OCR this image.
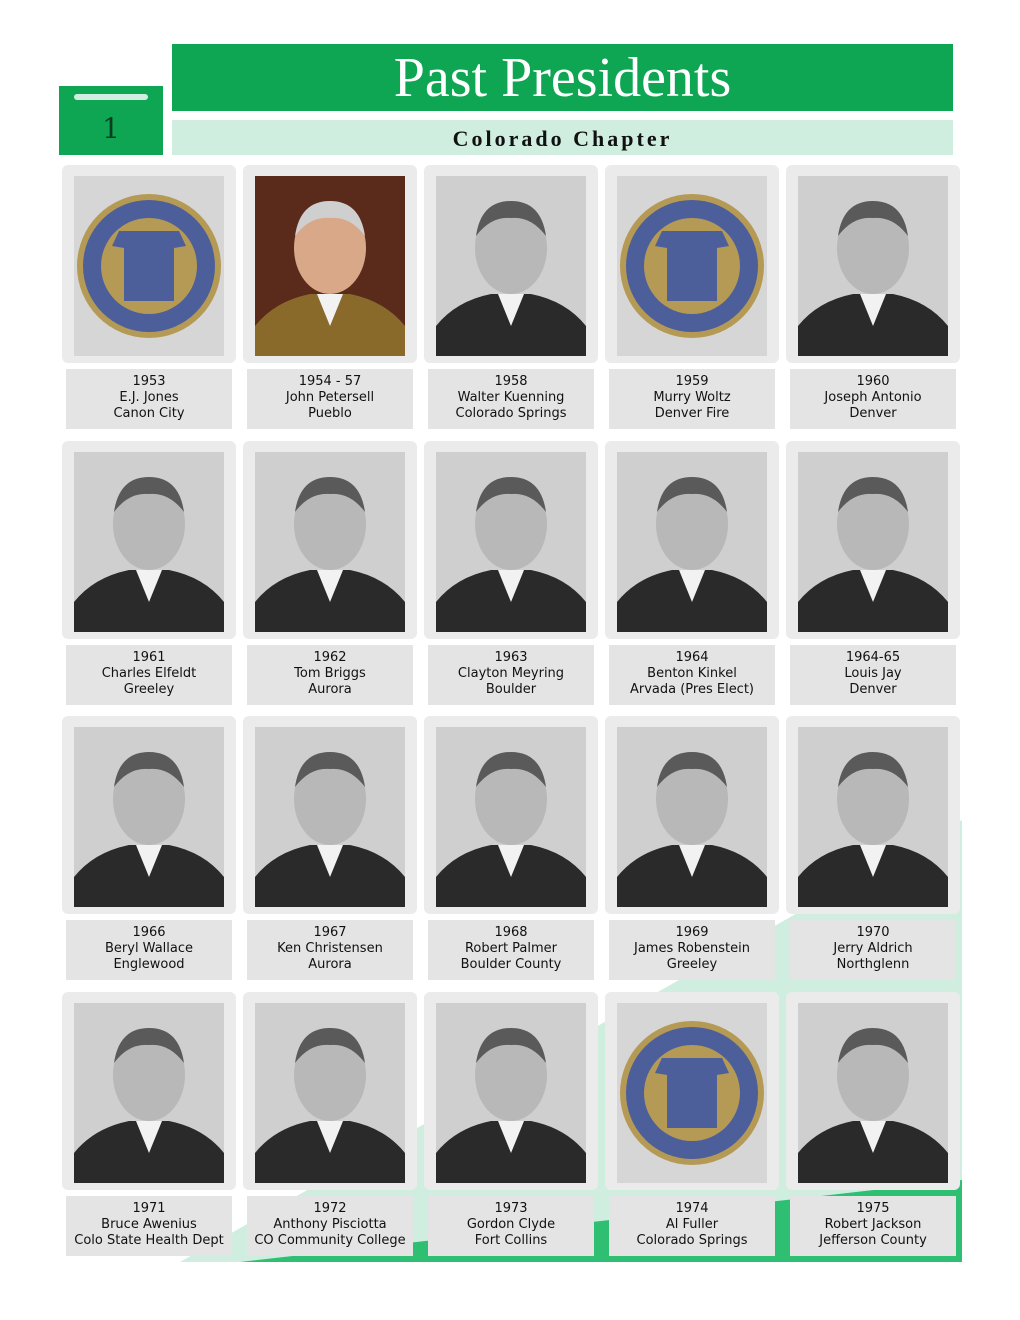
1
Past Presidents
Colorado Chapter
1953
E.J. Jones
Canon City
1954 - 57
John Petersell
Pueblo
1958
Walter Kuenning
Colorado Springs
1959
Murry Woltz
Denver Fire
1960
Joseph Antonio
Denver
1961
Charles Elfeldt
Greeley
1962
Tom Briggs
Aurora
1963
Clayton Meyring
Boulder
1964
Benton Kinkel
Arvada (Pres Elect)
1964-65
Louis Jay
Denver
1966
Beryl Wallace
Englewood
1967
Ken Christensen
Aurora
1968
Robert Palmer
Boulder County
1969
James Robenstein
Greeley
1970
Jerry Aldrich
Northglenn
1971
Bruce Awenius
Colo State Health Dept
1972
Anthony Pisciotta
CO Community College
1973
Gordon Clyde
Fort Collins
1974
Al Fuller
Colorado Springs
1975
Robert Jackson
Jefferson County
